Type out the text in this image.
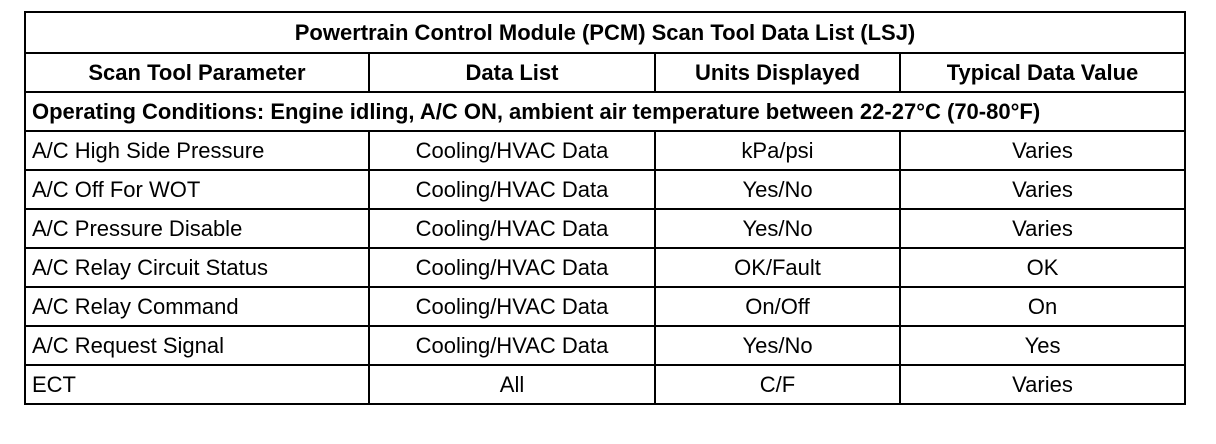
Powertrain Control Module (PCM) Scan Tool Data List (LSJ)			
Scan Tool Parameter	Data List	Units Displayed	Typical Data Value
Operating Conditions: Engine idling, A/C ON, ambient air temperature between 22-27°C (70-80°F)			
A/C High Side Pressure	Cooling/HVAC Data	kPa/psi	Varies
A/C Off For WOT	Cooling/HVAC Data	Yes/No	Varies
A/C Pressure Disable	Cooling/HVAC Data	Yes/No	Varies
A/C Relay Circuit Status	Cooling/HVAC Data	OK/Fault	OK
A/C Relay Command	Cooling/HVAC Data	On/Off	On
A/C Request Signal	Cooling/HVAC Data	Yes/No	Yes
ECT	All	C/F	Varies
